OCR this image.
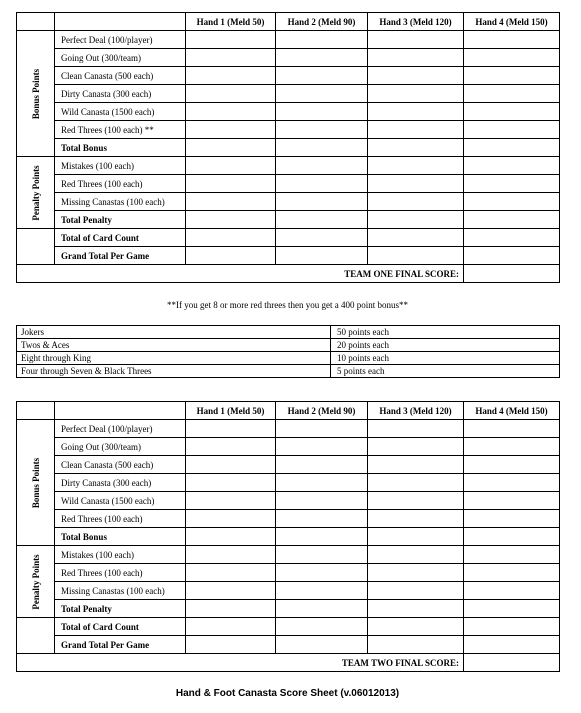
		Hand 1 (Meld 50)	Hand 2 (Meld 90)	Hand 3 (Meld 120)	Hand 4 (Meld 150)

Bonus Points	Perfect Deal (100/player)				
	Going Out (300/team)				
	Clean Canasta (500 each)				
	Dirty Canasta (300 each)				
	Wild Canasta (1500 each)				
	Red Threes (100 each) **				
	Total Bonus				

Penalty Points	Mistakes (100 each)				
	Red Threes (100 each)				
	Missing Canastas (100 each)				
	Total Penalty				
	Total of Card Count				
	Grand Total Per Game				
TEAM ONE FINAL SCORE:					
**If you get 8 or more red threes then you get a 400 point bonus**
Jokers	50 points each
Twos & Aces	20 points each
Eight through King	10 points each
Four through Seven & Black Threes	5 points each
		Hand 1 (Meld 50)	Hand 2 (Meld 90)	Hand 3 (Meld 120)	Hand 4 (Meld 150)

Bonus Points	Perfect Deal (100/player)				
	Going Out (300/team)				
	Clean Canasta (500 each)				
	Dirty Canasta (300 each)				
	Wild Canasta (1500 each)				
	Red Threes (100 each)				
	Total Bonus				

Penalty Points	Mistakes (100 each)				
	Red Threes (100 each)				
	Missing Canastas (100 each)				
	Total Penalty				
	Total of Card Count				
	Grand Total Per Game				
TEAM TWO FINAL SCORE:					
Hand & Foot Canasta Score Sheet (v.06012013)
